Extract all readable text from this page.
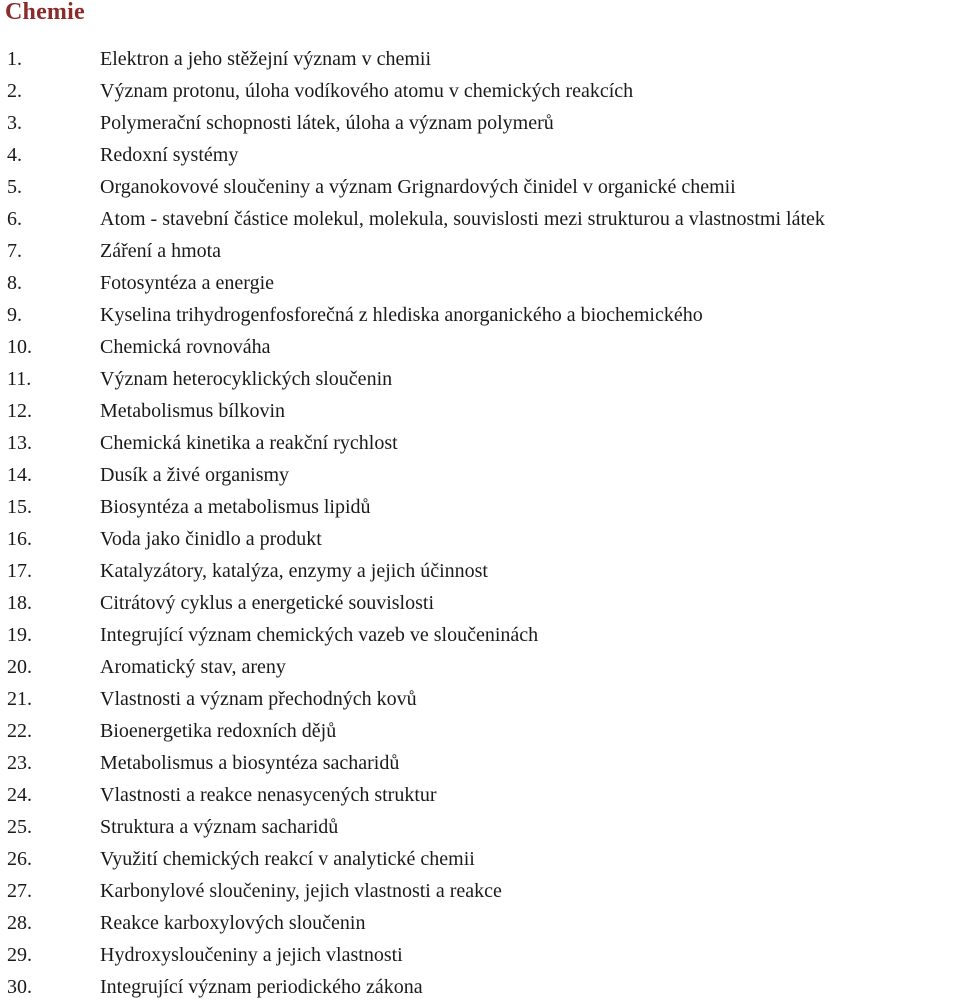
Chemie
1.	Elektron a jeho stěžejní význam v chemii
2.	Význam protonu, úloha vodíkového atomu v chemických reakcích
3.	Polymerační schopnosti látek, úloha a význam polymerů
4.	Redoxní systémy
5.	Organokovové sloučeniny a význam Grignardových činidel v organické chemii
6.	Atom - stavební částice molekul, molekula, souvislosti mezi strukturou a vlastnostmi látek
7.	Záření a hmota
8.	Fotosyntéza a energie
9.	Kyselina trihydrogenfosforečná z hlediska anorganického a biochemického
10.	Chemická rovnováha
11.	Význam heterocyklických sloučenin
12.	Metabolismus bílkovin
13.	Chemická kinetika a reakční rychlost
14.	Dusík a živé organismy
15.	Biosyntéza a metabolismus lipidů
16.	Voda jako činidlo a produkt
17.	Katalyzátory, katalýza, enzymy a jejich účinnost
18.	Citrátový cyklus a energetické souvislosti
19.	Integrující význam chemických vazeb ve sloučeninách
20.	Aromatický stav, areny
21.	Vlastnosti a význam přechodných kovů
22.	Bioenergetika redoxních dějů
23.	Metabolismus a biosyntéza sacharidů
24.	Vlastnosti a reakce nenasycených struktur
25.	Struktura a význam sacharidů
26.	Využití chemických reakcí v analytické chemii
27.	Karbonylové sloučeniny, jejich vlastnosti a reakce
28.	Reakce karboxylových sloučenin
29.	Hydroxysloučeniny a jejich vlastnosti
30.	Integrující význam periodického zákona
